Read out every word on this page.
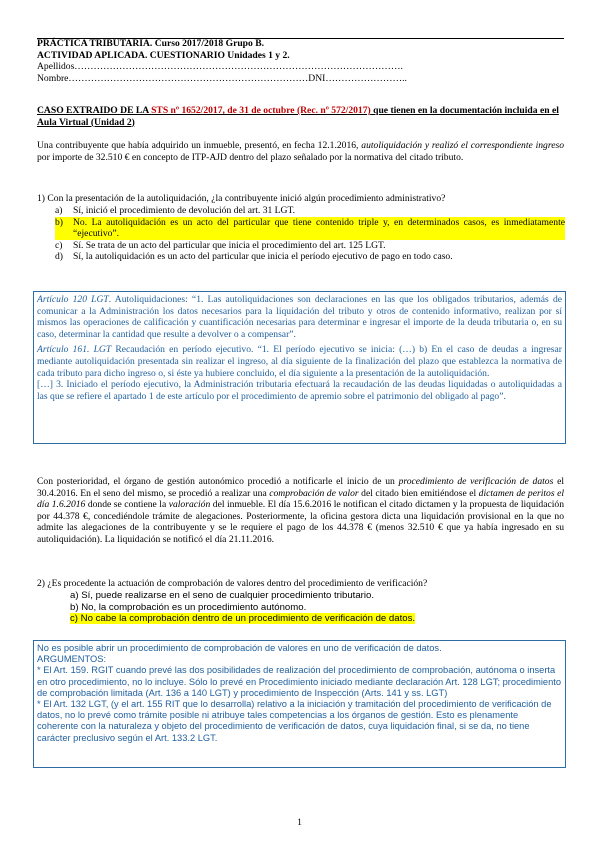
PRÁCTICA TRIBUTARIA. Curso 2017/2018 Grupo B.
ACTIVIDAD APLICADA. CUESTIONARIO Unidades 1 y 2.
Apellidos………………………………………………………………………………………….
Nombre…………………………………………………………………DNI……………………..
CASO EXTRAIDO DE LA STS nº 1652/2017, de 31 de octubre (Rec. nº 572/2017) que tienen en la documentación incluida en el Aula Virtual (Unidad 2)
Una contribuyente que había adquirido un inmueble, presentó, en fecha 12.1.2016, autoliquidación y realizó el correspondiente ingreso por importe de 32.510 € en concepto de ITP-AJD dentro del plazo señalado por la normativa del citado tributo.
1) Con la presentación de la autoliquidación, ¿la contribuyente inició algún procedimiento administrativo?
a)	Sí, inició el procedimiento de devolución del art. 31 LGT.
b)	No. La autoliquidación es un acto del particular que tiene contenido triple y, en determinados casos, es inmediatamente “ejecutivo”.
c)	Sí. Se trata de un acto del particular que inicia el procedimiento del art. 125 LGT.
d)	Sí, la autoliquidación es un acto del particular que inicia el período ejecutivo de pago en todo caso.

Artículo 120 LGT. Autoliquidaciones: “1. Las autoliquidaciones son declaraciones en las que los obligados tributarios, además de comunicar a la Administración los datos necesarios para la liquidación del tributo y otros de contenido informativo, realizan por sí mismos las operaciones de calificación y cuantificación necesarias para determinar e ingresar el importe de la deuda tributaria o, en su caso, determinar la cantidad que resulte a devolver o a compensar”.

Artículo 161. LGT Recaudación en período ejecutivo. “1. El período ejecutivo se inicia: (…) b) En el caso de deudas a ingresar mediante autoliquidación presentada sin realizar el ingreso, al día siguiente de la finalización del plazo que establezca la normativa de cada tributo para dicho ingreso o, si éste ya hubiere concluido, el día siguiente a la presentación de la autoliquidación.

[…] 3. Iniciado el período ejecutivo, la Administración tributaria efectuará la recaudación de las deudas liquidadas o autoliquidadas a las que se refiere el apartado 1 de este artículo por el procedimiento de apremio sobre el patrimonio del obligado al pago”.

Con posterioridad, el órgano de gestión autonómico procedió a notificarle el inicio de un procedimiento de verificación de datos el 30.4.2016. En el seno del mismo, se procedió a realizar una comprobación de valor del citado bien emitiéndose el dictamen de peritos el día 1.6.2016 donde se contiene la valoración del inmueble. El día 15.6.2016 le notifican el citado dictamen y la propuesta de liquidación por 44.378 €, concediéndole trámite de alegaciones. Posteriormente, la oficina gestora dicta una liquidación provisional en la que no admite las alegaciones de la contribuyente y se le requiere el pago de los 44.378 € (menos 32.510 € que ya había ingresado en su autoliquidación). La liquidación se notificó el día 21.11.2016.
2) ¿Es procedente la actuación de comprobación de valores dentro del procedimiento de verificación?
a) Sí, puede realizarse en el seno de cualquier procedimiento tributario.
b) No, la comprobación es un procedimiento autónomo.
c) No cabe la comprobación dentro de un procedimiento de verificación de datos.
No es posible abrir un procedimiento de comprobación de valores en uno de verificación de datos.
ARGUMENTOS:
* El Art. 159. RGIT cuando prevé las dos posibilidades de realización del procedimiento de comprobación, autónoma o inserta en otro procedimiento, no lo incluye. Sólo lo prevé en Procedimiento iniciado mediante declaración Art. 128 LGT; procedimiento de comprobación limitada (Art. 136 a 140 LGT) y procedimiento de Inspección (Arts. 141 y ss. LGT)
* El Art. 132 LGT, (y el art. 155 RIT que lo desarrolla) relativo a la iniciación y tramitación del procedimiento de verificación de datos, no lo prevé como trámite posible ni atribuye tales competencias a los órganos de gestión. Esto es plenamente coherente con la naturaleza y objeto del procedimiento de verificación de datos, cuya liquidación final, si se da, no tiene carácter preclusivo según el Art. 133.2 LGT.
1
